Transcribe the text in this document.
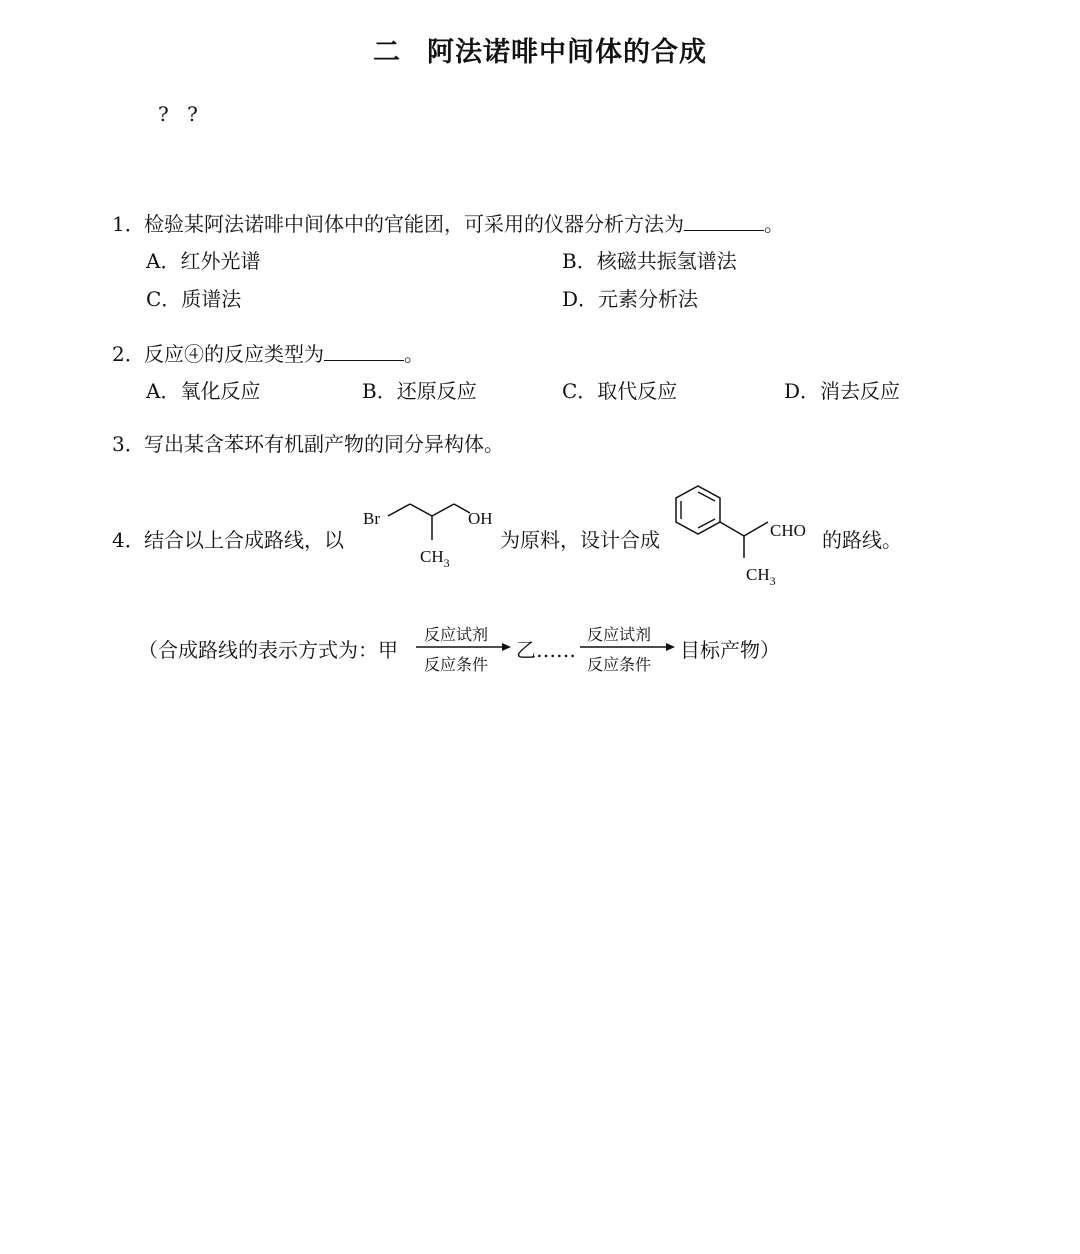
二 阿法诺啡中间体的合成
? ?
1．检验某阿法诺啡中间体中的官能团，可采用的仪器分析方法为	。
A．红外光谱	B．核磁共振氢谱法
C．质谱法	D．元素分析法
2．反应④的反应类型为	。
A．氧化反应	B．还原反应	C．取代反应	D．消去反应
3．写出某含苯环有机副产物的同分异构体。
4．结合以上合成路线，以	为原料，设计合成	的路线。
Br	OH
$CH_3$
CHO
$CH_3$
（合成路线的表示方式为：甲
反应试剂
反应条件
乙……
反应试剂
反应条件
目标产物）
